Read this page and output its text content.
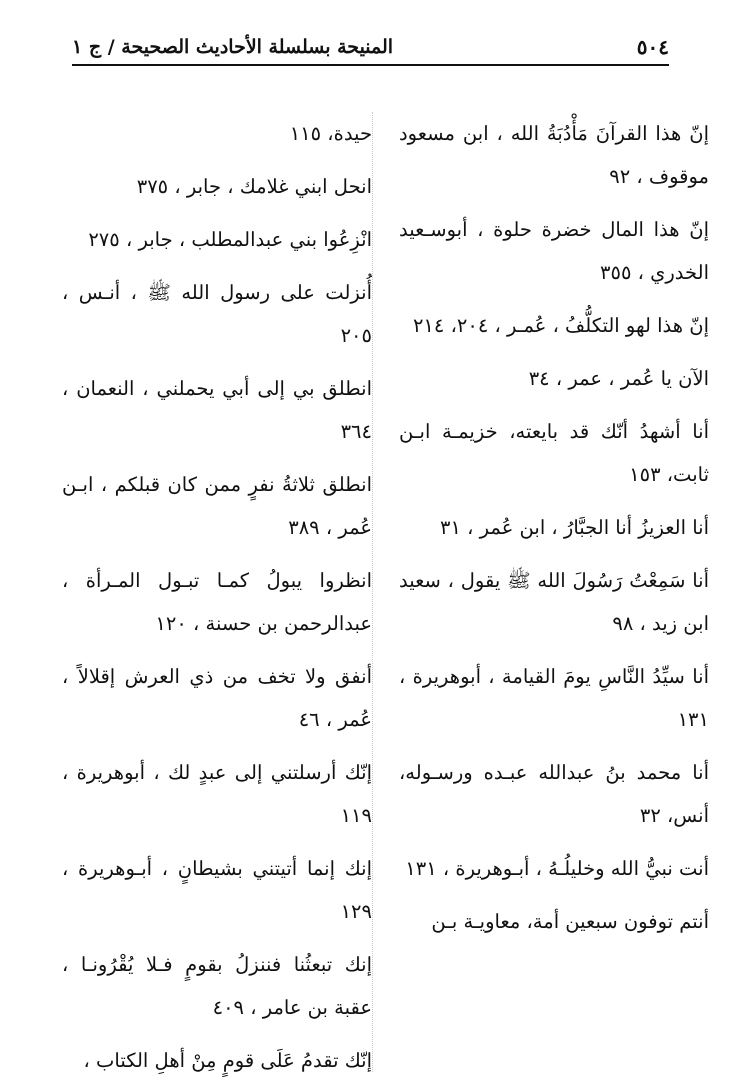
٥٠٤
المنيحة بسلسلة الأحاديث الصحيحة / ج ١
إنّ هذا القرآنَ مَأْدُبَةُ الله ، ابن مسعود موقوف ، ٩٢
إنّ هذا المال خضرة حلوة ، أبوسـعيد الخدري ، ٣٥٥
إنّ هذا لهو التكلُّفُ ، عُمـر ، ٢٠٤، ٢١٤
الآن يا عُمر ، عمر ، ٣٤
أنا أشهدُ أنّك قد بايعته، خزيمـة ابـن ثابت، ١٥٣
أنا العزيزُ أنا الجبَّارُ ، ابن عُمر ، ٣١
أنا سَمِعْتُ رَسُولَ الله ﷺ يقول ، سعيد ابن زيد ، ٩٨
أنا سيِّدُ النَّاسِ يومَ القيامة ، أبوهريرة ، ١٣١
أنا محمد بنُ عبدالله عبـده ورسـوله، أنس، ٣٢
أنت نبيُّ الله وخليلُـهُ ، أبـوهريرة ، ١٣١
أنتم توفون سبعين أمة، معاويـة بـن
حيدة، ١١٥
انحل ابني غلامك ، جابر ، ٣٧٥
انْزِعُوا بني عبدالمطلب ، جابر ، ٢٧٥
أُنزلت على رسول الله ﷺ ، أنـس ، ٢٠٥
انطلق بي إلى أبي يحملني ، النعمان ، ٣٦٤
انطلق ثلاثةُ نفرٍ ممن كان قبلكم ، ابـن عُمر ، ٣٨٩
انظروا يبولُ كمـا تبـول المـرأة ، عبدالرحمن بن حسنة ، ١٢٠
أنفق ولا تخف من ذي العرش إقلالاً ، عُمر ، ٤٦
إنّك أرسلتني إلى عبدٍ لك ، أبوهريرة ، ١١٩
إنك إنما أتيتني بشيطانٍ ، أبـوهريرة ، ١٢٩
إنك تبعثُنا فننزلُ بقومٍ فـلا يُقْرُونـا ، عقبة بن عامر ، ٤٠٩
إنّك تقدمُ عَلَى قومٍ مِنْ أهلِ الكتاب ،
